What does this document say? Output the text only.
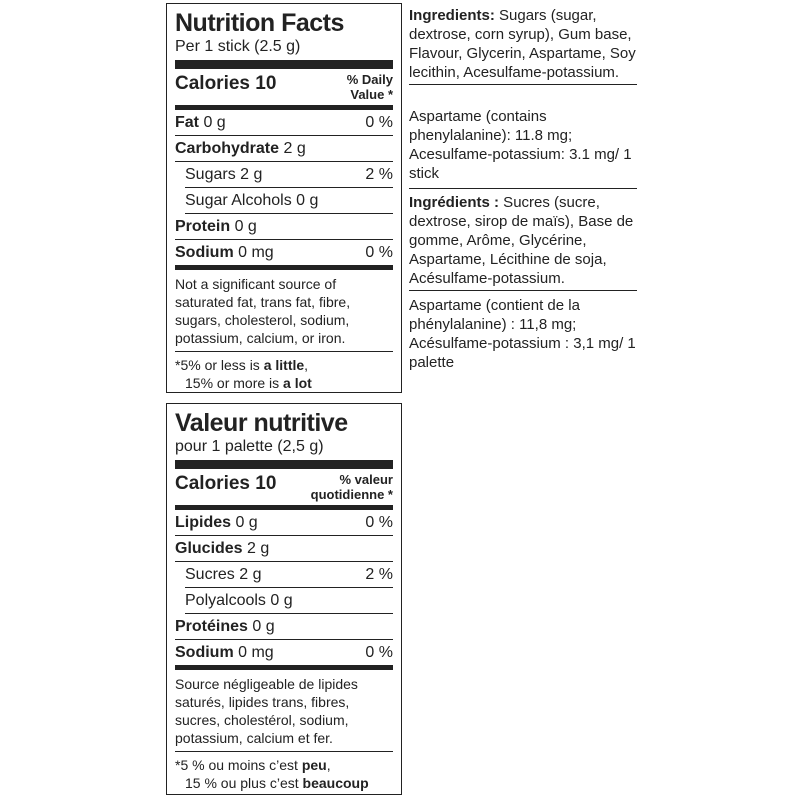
Nutrition Facts
Per 1 stick (2.5 g)
Calories 10	% Daily
Value *
Fat 0 g	0 %
Carbohydrate 2 g
Sugars 2 g	2 %
Sugar Alcohols 0 g
Protein 0 g
Sodium 0 mg	0 %
Not a significant source of saturated fat, trans fat, fibre, sugars, cholesterol, sodium, potassium, calcium, or iron.
*5% or less is a little,
15% or more is a lot
Valeur nutritive
pour 1 palette (2,5 g)
Calories 10	% valeur
quotidienne *
Lipides 0 g	0 %
Glucides 2 g
Sucres 2 g	2 %
Polyalcools 0 g
Protéines 0 g
Sodium 0 mg	0 %
Source négligeable de lipides saturés, lipides trans, fibres, sucres, cholestérol, sodium, potassium, calcium et fer.
*5 % ou moins c’est peu,
15 % ou plus c’est beaucoup
Ingredients: Sugars (sugar, dextrose, corn syrup), Gum base, Flavour, Glycerin, Aspartame, Soy lecithin, Acesulfame-potassium.
Aspartame (contains phenylalanine): 11.8 mg; Acesulfame-potassium: 3.1 mg/ 1 stick
Ingrédients : Sucres (sucre, dextrose, sirop de maïs), Base de gomme, Arôme, Glycérine, Aspartame, Lécithine de soja, Acésulfame-potassium.
Aspartame (contient de la phénylalanine) : 11,8 mg; Acésulfame-potassium : 3,1 mg/ 1 palette
